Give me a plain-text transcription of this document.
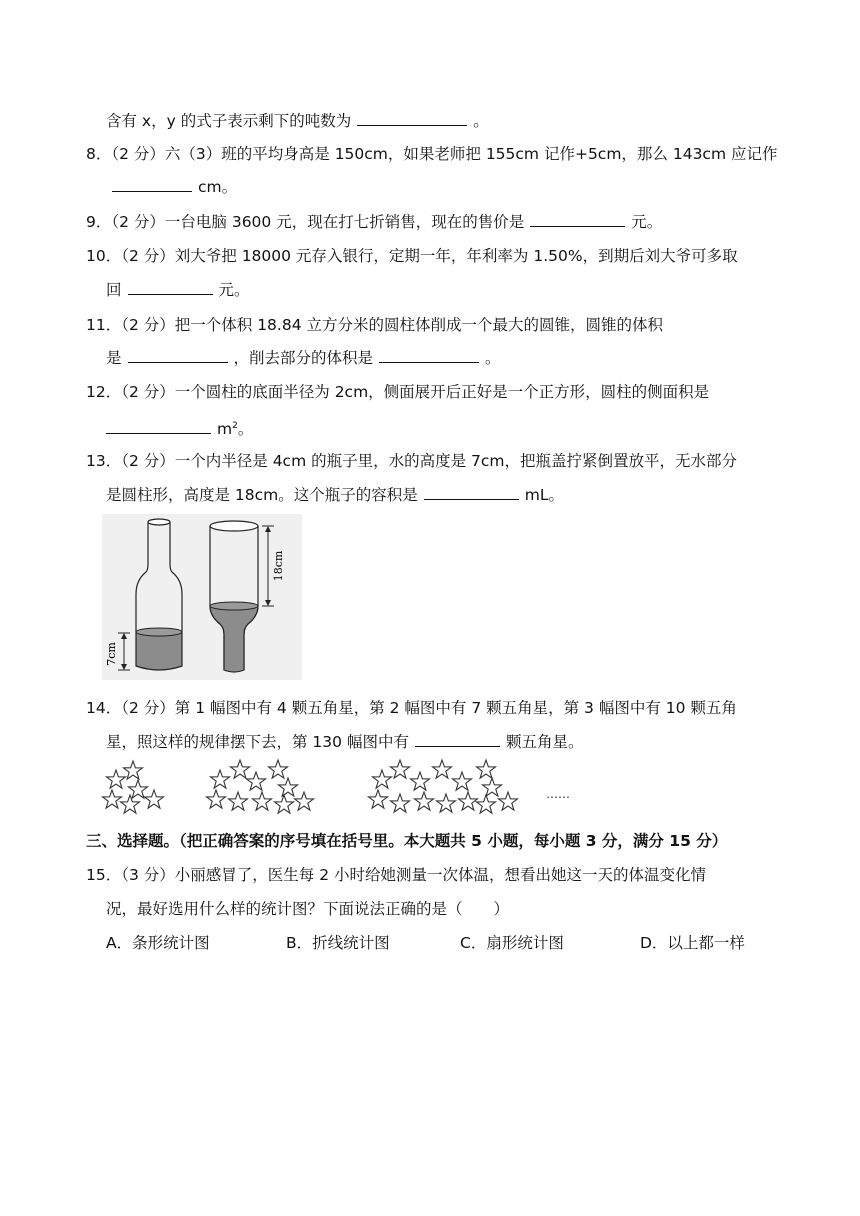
含有 x，y 的式子表示剩下的吨数为	。
8．（2 分）六（3）班的平均身高是 150cm，如果老师把 155cm 记作+5cm，那么 143cm 应记作
cm。
9．（2 分）一台电脑 3600 元，现在打七折销售，现在的售价是	元。
10．（2 分）刘大爷把 18000 元存入银行，定期一年，年利率为 1.50%，到期后刘大爷可多取
回	元。
11．（2 分）把一个体积 18.84 立方分米的圆柱体削成一个最大的圆锥，圆锥的体积
是	，削去部分的体积是	。
12．（2 分）一个圆柱的底面半径为 2cm，侧面展开后正好是一个正方形，圆柱的侧面积是
$m^2$。
13．（2 分）一个内半径是 4cm 的瓶子里，水的高度是 7cm，把瓶盖拧紧倒置放平，无水部分
是圆柱形，高度是 18cm。这个瓶子的容积是	mL。
7cm
18cm
14．（2 分）第 1 幅图中有 4 颗五角星，第 2 幅图中有 7 颗五角星，第 3 幅图中有 10 颗五角
星，照这样的规律摆下去，第 130 幅图中有	颗五角星。
……
三、选择题。（把正确答案的序号填在括号里。本大题共 5 小题，每小题 3 分，满分 15 分）
15．（3 分）小丽感冒了，医生每 2 小时给她测量一次体温，想看出她这一天的体温变化情
况，最好选用什么样的统计图？下面说法正确的是（　　）
A．条形统计图	B．折线统计图	C．扇形统计图	D．以上都一样
